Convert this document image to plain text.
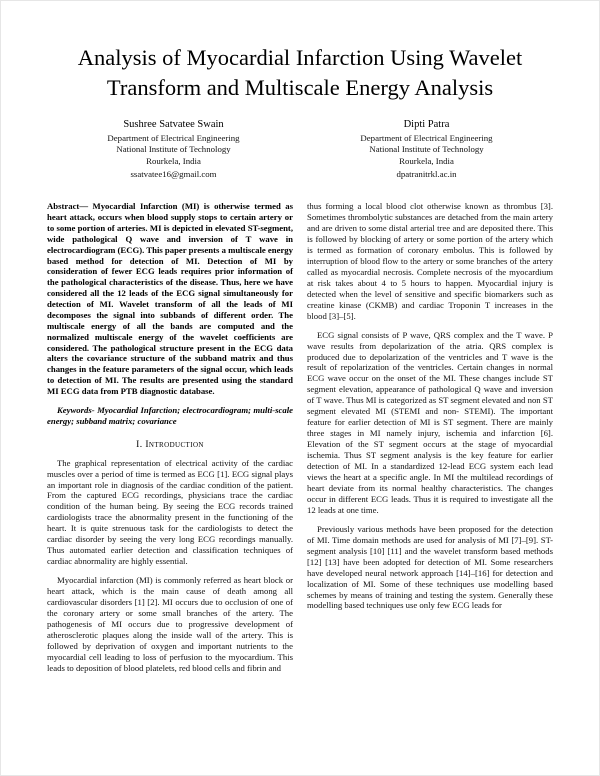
Analysis of Myocardial Infarction Using Wavelet Transform and Multiscale Energy Analysis
Sushree Satvatee Swain
Department of Electrical Engineering
National Institute of Technology
Rourkela, India
ssatvatee16@gmail.com
Dipti Patra
Department of Electrical Engineering
National Institute of Technology
Rourkela, India
dpatranitrkl.ac.in

Abstract— Myocardial Infarction (MI) is otherwise termed as heart attack, occurs when blood supply stops to certain artery or to some portion of arteries. MI is depicted in elevated ST-segment, wide pathological Q wave and inversion of T wave in electrocardiogram (ECG). This paper presents a multiscale energy based method for detection of MI. Detection of MI by consideration of fewer ECG leads requires prior information of the pathological characteristics of the disease. Thus, here we have considered all the 12 leads of the ECG signal simultaneously for detection of MI. Wavelet transform of all the leads of MI decomposes the signal into subbands of different order. The multiscale energy of all the bands are computed and the normalized multiscale energy of the wavelet coefficients are considered. The pathological structure present in the ECG data alters the covariance structure of the subband matrix and thus changes in the feature parameters of the signal occur, which leads to detection of MI. The results are presented using the standard MI ECG data from PTB diagnostic database.

Keywords- Myocardial Infarction; electrocardiogram; multi-scale energy; subband matrix; covariance

I. Introduction

The graphical representation of electrical activity of the cardiac muscles over a period of time is termed as ECG [1]. ECG signal plays an important role in diagnosis of the cardiac condition of the patient. From the captured ECG recordings, physicians trace the cardiac condition of the human being. By seeing the ECG records trained cardiologists trace the abnormality present in the functioning of the heart. It is quite strenuous task for the cardiologists to detect the cardiac disorder by seeing the very long ECG recordings manually. Thus automated earlier detection and classification techniques of cardiac abnormality are highly essential.

Myocardial infarction (MI) is commonly referred as heart block or heart attack, which is the main cause of death among all cardiovascular disorders [1] [2]. MI occurs due to occlusion of one of the coronary artery or some small branches of the artery. The pathogenesis of MI occurs due to progressive development of atherosclerotic plaques along the inside wall of the artery. This is followed by deprivation of oxygen and important nutrients to the myocardial cell leading to loss of perfusion to the myocardium. This leads to deposition of blood platelets, red blood cells and fibrin and

thus forming a local blood clot otherwise known as thrombus [3]. Sometimes thrombolytic substances are detached from the main artery and are driven to some distal arterial tree and are deposited there. This is followed by blocking of artery or some portion of the artery which is termed as formation of coronary embolus. This is followed by interruption of blood flow to the artery or some branches of the artery called as myocardial necrosis. Complete necrosis of the myocardium at risk takes about 4 to 5 hours to happen. Myocardial injury is detected when the level of sensitive and specific biomarkers such as creatine kinase (CKMB) and cardiac Troponin T increases in the blood [3]–[5].

ECG signal consists of P wave, QRS complex and the T wave. P wave results from depolarization of the atria. QRS complex is produced due to depolarization of the ventricles and T wave is the result of repolarization of the ventricles. Certain changes in normal ECG wave occur on the onset of the MI. These changes include ST segment elevation, appearance of pathological Q wave and inversion of T wave. Thus MI is categorized as ST segment elevated and non ST segment elevated MI (STEMI and non- STEMI). The important feature for earlier detection of MI is ST segment. There are mainly three stages in MI namely injury, ischemia and infarction [6]. Elevation of the ST segment occurs at the stage of myocardial ischemia. Thus ST segment analysis is the key feature for earlier detection of MI. In a standardized 12-lead ECG system each lead views the heart at a specific angle. In MI the multilead recordings of heart deviate from its normal healthy characteristics. The changes occur in different ECG leads. Thus it is required to investigate all the 12 leads at one time.

Previously various methods have been proposed for the detection of MI. Time domain methods are used for analysis of MI [7]–[9]. ST- segment analysis [10] [11] and the wavelet transform based methods [12] [13] have been adopted for detection of MI. Some researchers have developed neural network approach [14]–[16] for detection and localization of MI. Some of these techniques use modelling based schemes by means of training and testing the system. Generally these modelling based techniques use only few ECG leads for
